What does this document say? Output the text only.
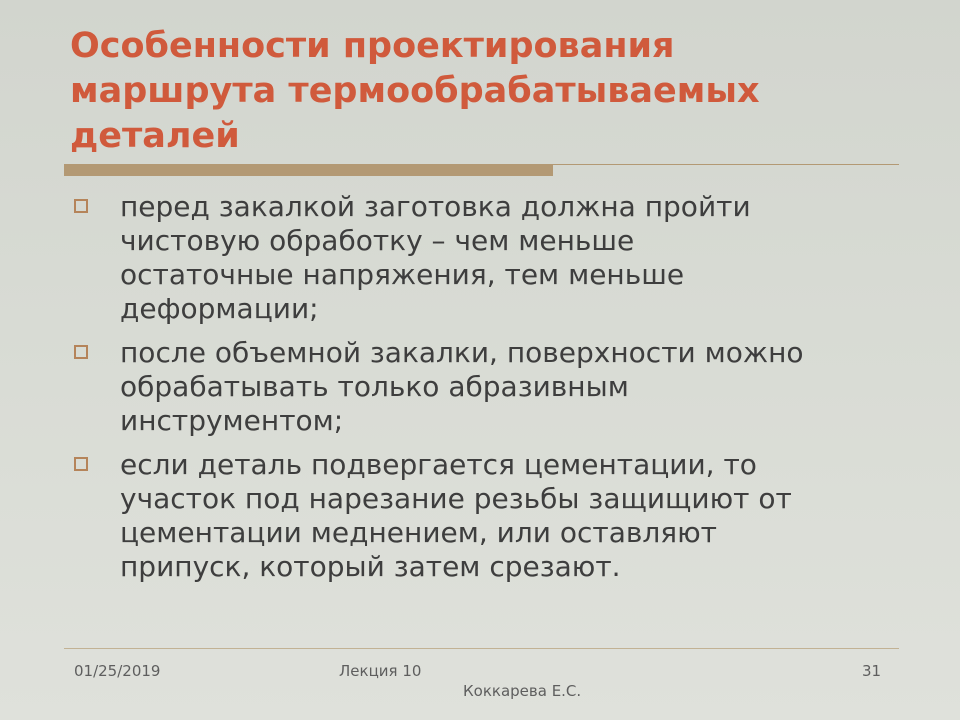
Особенности проектирования
маршрута термообрабатываемых
деталей
перед закалкой заготовка должна пройти
чистовую обработку – чем меньше
остаточные напряжения, тем меньше
деформации;
после объемной закалки, поверхности можно
обрабатывать только абразивным
инструментом;
если деталь подвергается цементации, то
участок под нарезание резьбы защищиют от
цементации меднением, или оставляют
припуск, который затем срезают.
01/25/2019	Лекция 10
Коккарева Е.С.
31
